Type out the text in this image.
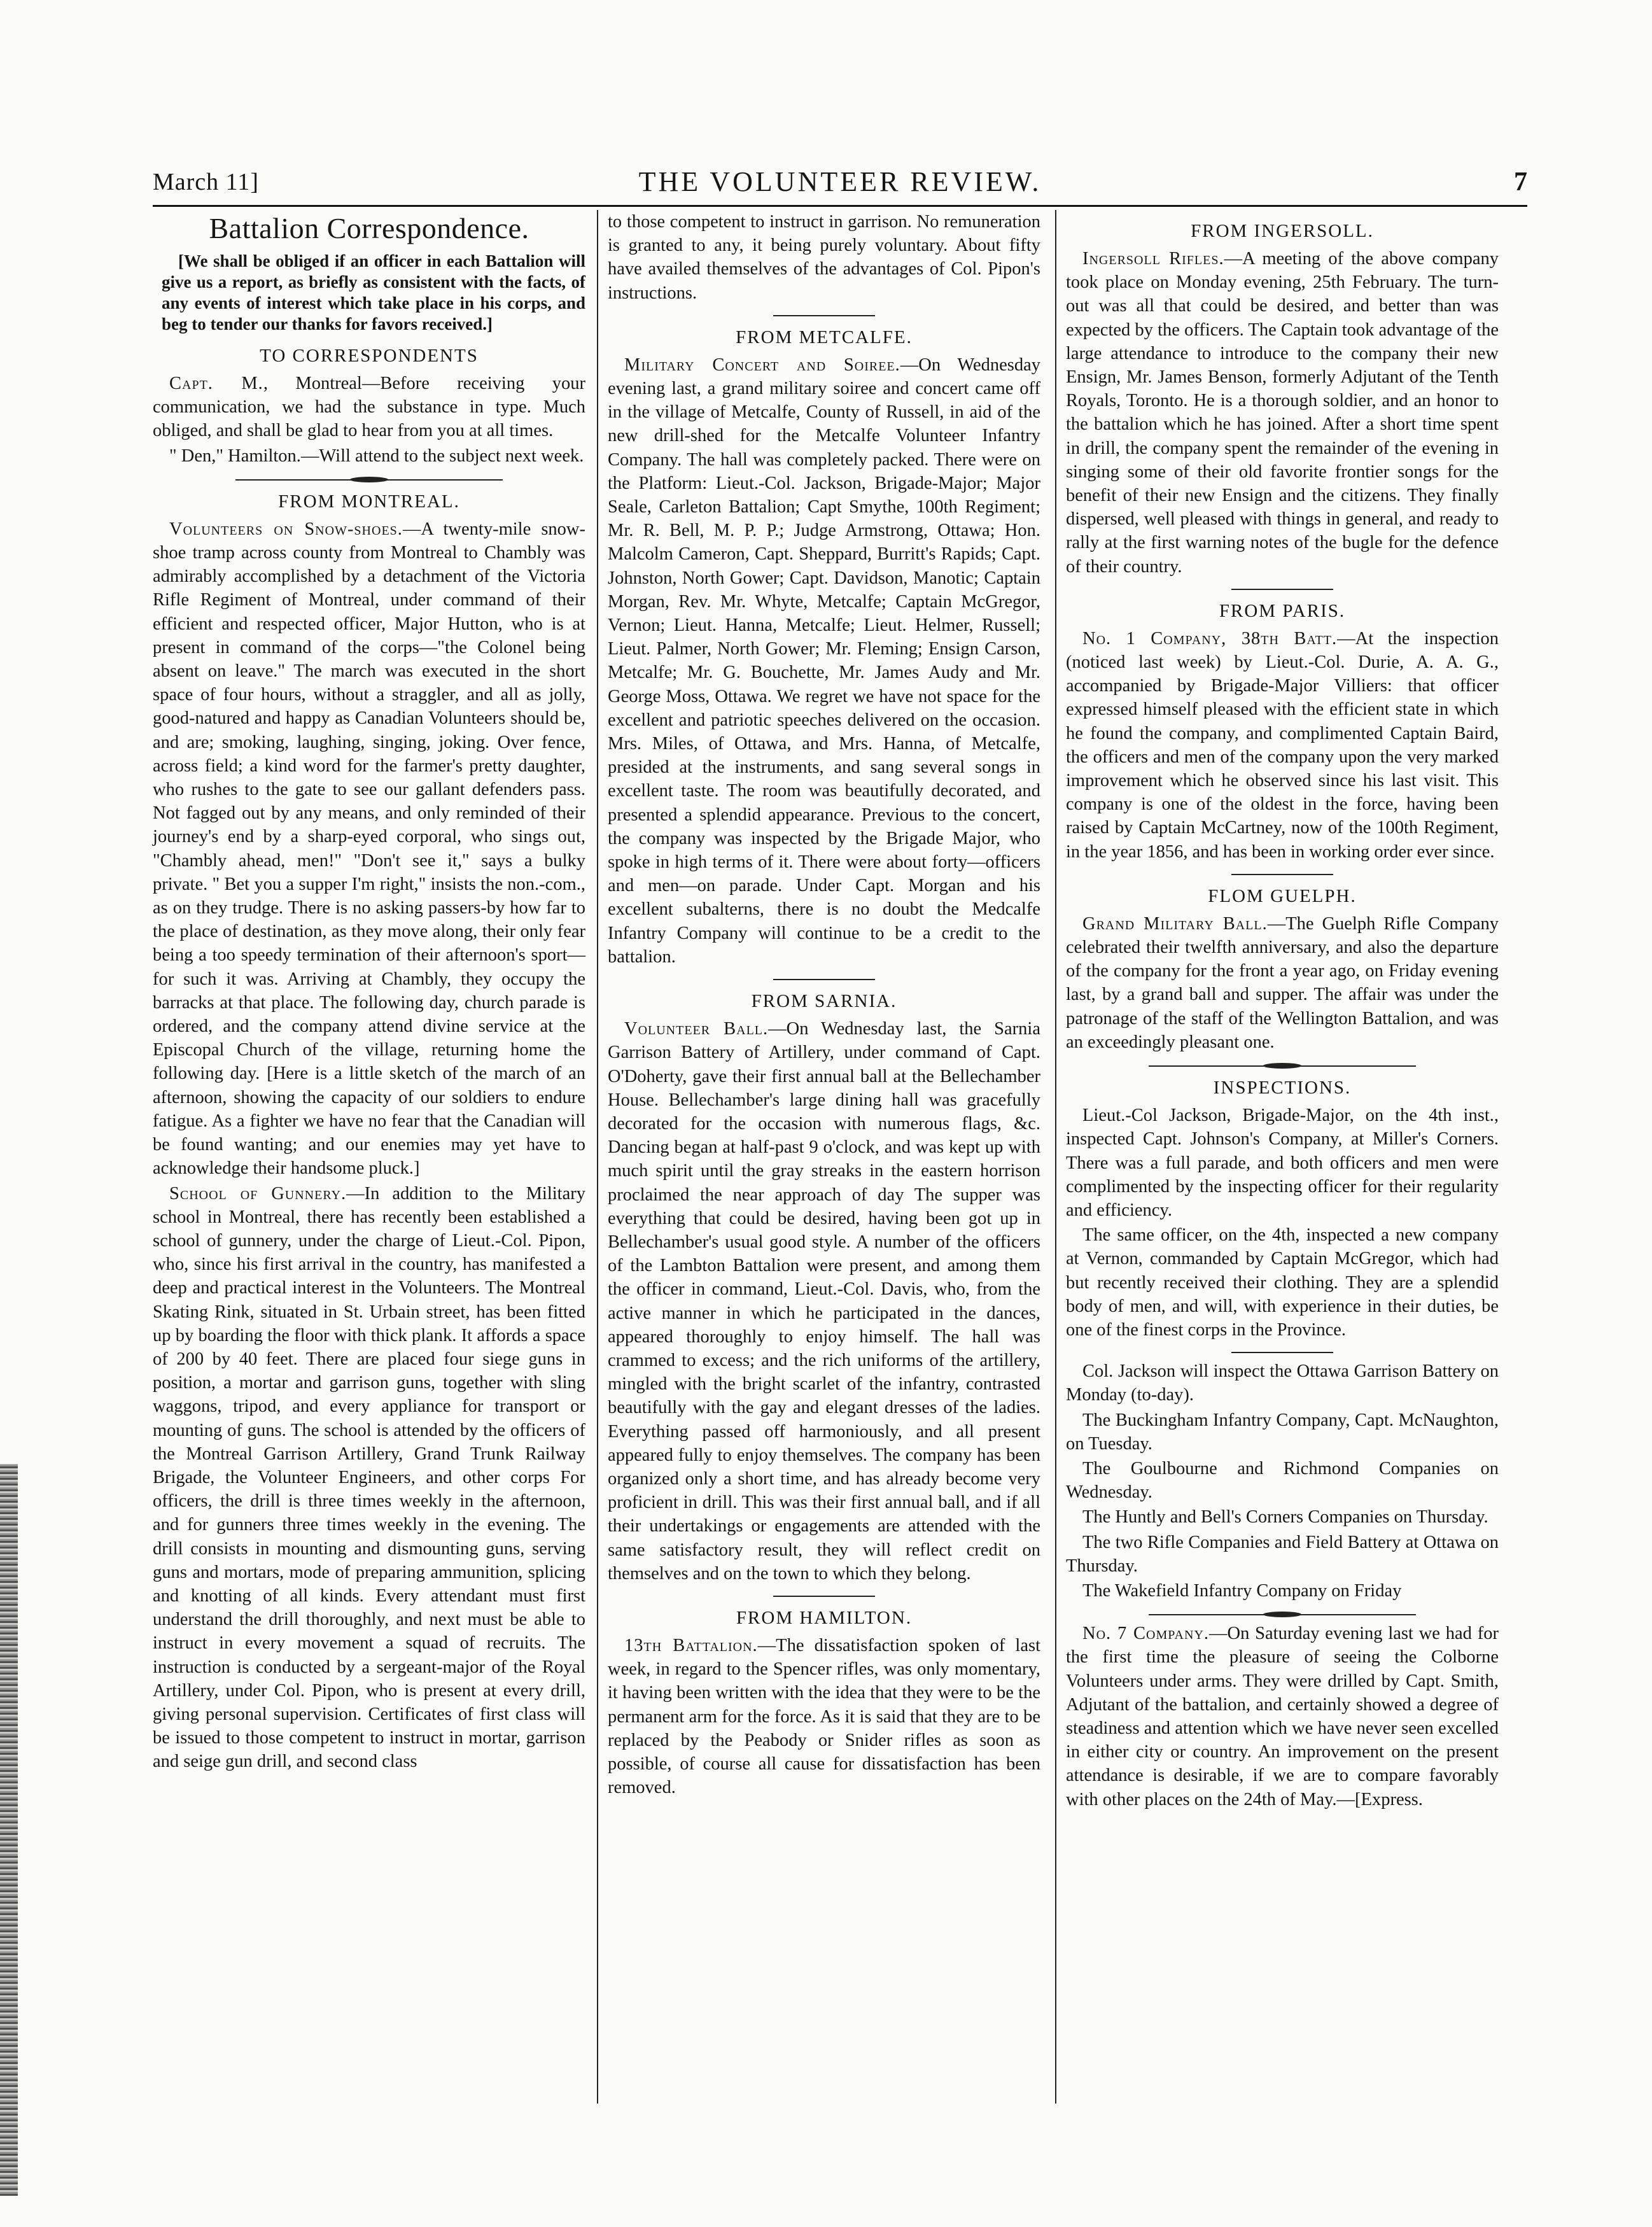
March 11]	THE VOLUNTEER REVIEW.	7
Battalion Correspondence.

[We shall be obliged if an officer in each Battalion will give us a report, as briefly as consistent with the facts, of any events of interest which take place in his corps, and beg to tender our thanks for favors received.]

TO CORRESPONDENTS

Capt. M., Montreal—Before receiving your communication, we had the substance in type. Much obliged, and shall be glad to hear from you at all times.

" Den," Hamilton.—Will attend to the subject next week.

FROM MONTREAL.

Volunteers on Snow-shoes.—A twenty-mile snow-shoe tramp across county from Montreal to Chambly was admirably accomplished by a detachment of the Victoria Rifle Regiment of Montreal, under command of their efficient and respected officer, Major Hutton, who is at present in command of the corps—"the Colonel being absent on leave." The march was executed in the short space of four hours, without a straggler, and all as jolly, good-natured and happy as Canadian Volunteers should be, and are; smoking, laughing, singing, joking. Over fence, across field; a kind word for the farmer's pretty daughter, who rushes to the gate to see our gallant defenders pass. Not fagged out by any means, and only reminded of their journey's end by a sharp-eyed corporal, who sings out, "Chambly ahead, men!" "Don't see it," says a bulky private. " Bet you a supper I'm right," insists the non.-com., as on they trudge. There is no asking passers-by how far to the place of destination, as they move along, their only fear being a too speedy termination of their afternoon's sport—for such it was. Arriving at Chambly, they occupy the barracks at that place. The following day, church parade is ordered, and the company attend divine service at the Episcopal Church of the village, returning home the following day. [Here is a little sketch of the march of an afternoon, showing the capacity of our soldiers to endure fatigue. As a fighter we have no fear that the Canadian will be found wanting; and our enemies may yet have to acknowledge their handsome pluck.]

School of Gunnery.—In addition to the Military school in Montreal, there has recently been established a school of gunnery, under the charge of Lieut.-Col. Pipon, who, since his first arrival in the country, has manifested a deep and practical interest in the Volunteers. The Montreal Skating Rink, situated in St. Urbain street, has been fitted up by boarding the floor with thick plank. It affords a space of 200 by 40 feet. There are placed four siege guns in position, a mortar and garrison guns, together with sling waggons, tripod, and every appliance for transport or mounting of guns. The school is attended by the officers of the Montreal Garrison Artillery, Grand Trunk Railway Brigade, the Volunteer Engineers, and other corps For officers, the drill is three times weekly in the afternoon, and for gunners three times weekly in the evening. The drill consists in mounting and dismounting guns, serving guns and mortars, mode of preparing ammunition, splicing and knotting of all kinds. Every attendant must first understand the drill thoroughly, and next must be able to instruct in every movement a squad of recruits. The instruction is conducted by a sergeant-major of the Royal Artillery, under Col. Pipon, who is present at every drill, giving personal supervision. Certificates of first class will be issued to those competent to instruct in mortar, garrison and seige gun drill, and second class

to those competent to instruct in garrison. No remuneration is granted to any, it being purely voluntary. About fifty have availed themselves of the advantages of Col. Pipon's instructions.

FROM METCALFE.

Military Concert and Soiree.—On Wednesday evening last, a grand military soiree and concert came off in the village of Metcalfe, County of Russell, in aid of the new drill-shed for the Metcalfe Volunteer Infantry Company. The hall was completely packed. There were on the Platform: Lieut.-Col. Jackson, Brigade-Major; Major Seale, Carleton Battalion; Capt Smythe, 100th Regiment; Mr. R. Bell, M. P. P.; Judge Armstrong, Ottawa; Hon. Malcolm Cameron, Capt. Sheppard, Burritt's Rapids; Capt. Johnston, North Gower; Capt. Davidson, Manotic; Captain Morgan, Rev. Mr. Whyte, Metcalfe; Captain McGregor, Vernon; Lieut. Hanna, Metcalfe; Lieut. Helmer, Russell; Lieut. Palmer, North Gower; Mr. Fleming; Ensign Carson, Metcalfe; Mr. G. Bouchette, Mr. James Audy and Mr. George Moss, Ottawa. We regret we have not space for the excellent and patriotic speeches delivered on the occasion. Mrs. Miles, of Ottawa, and Mrs. Hanna, of Metcalfe, presided at the instruments, and sang several songs in excellent taste. The room was beautifully decorated, and presented a splendid appearance. Previous to the concert, the company was inspected by the Brigade Major, who spoke in high terms of it. There were about forty—officers and men—on parade. Under Capt. Morgan and his excellent subalterns, there is no doubt the Medcalfe Infantry Company will continue to be a credit to the battalion.

FROM SARNIA.

Volunteer Ball.—On Wednesday last, the Sarnia Garrison Battery of Artillery, under command of Capt. O'Doherty, gave their first annual ball at the Bellechamber House. Bellechamber's large dining hall was gracefully decorated for the occasion with numerous flags, &c. Dancing began at half-past 9 o'clock, and was kept up with much spirit until the gray streaks in the eastern horrison proclaimed the near approach of day The supper was everything that could be desired, having been got up in Bellechamber's usual good style. A number of the officers of the Lambton Battalion were present, and among them the officer in command, Lieut.-Col. Davis, who, from the active manner in which he participated in the dances, appeared thoroughly to enjoy himself. The hall was crammed to excess; and the rich uniforms of the artillery, mingled with the bright scarlet of the infantry, contrasted beautifully with the gay and elegant dresses of the ladies. Everything passed off harmoniously, and all present appeared fully to enjoy themselves. The company has been organized only a short time, and has already become very proficient in drill. This was their first annual ball, and if all their undertakings or engagements are attended with the same satisfactory result, they will reflect credit on themselves and on the town to which they belong.

FROM HAMILTON.

13th Battalion.—The dissatisfaction spoken of last week, in regard to the Spencer rifles, was only momentary, it having been written with the idea that they were to be the permanent arm for the force. As it is said that they are to be replaced by the Peabody or Snider rifles as soon as possible, of course all cause for dissatisfaction has been removed.

FROM INGERSOLL.

Ingersoll Rifles.—A meeting of the above company took place on Monday evening, 25th February. The turn-out was all that could be desired, and better than was expected by the officers. The Captain took advantage of the large attendance to introduce to the company their new Ensign, Mr. James Benson, formerly Adjutant of the Tenth Royals, Toronto. He is a thorough soldier, and an honor to the battalion which he has joined. After a short time spent in drill, the company spent the remainder of the evening in singing some of their old favorite frontier songs for the benefit of their new Ensign and the citizens. They finally dispersed, well pleased with things in general, and ready to rally at the first warning notes of the bugle for the defence of their country.

FROM PARIS.

No. 1 Company, 38th Batt.—At the inspection (noticed last week) by Lieut.-Col. Durie, A. A. G., accompanied by Brigade-Major Villiers: that officer expressed himself pleased with the efficient state in which he found the company, and complimented Captain Baird, the officers and men of the company upon the very marked improvement which he observed since his last visit. This company is one of the oldest in the force, having been raised by Captain McCartney, now of the 100th Regiment, in the year 1856, and has been in working order ever since.

FLOM GUELPH.

Grand Military Ball.—The Guelph Rifle Company celebrated their twelfth anniversary, and also the departure of the company for the front a year ago, on Friday evening last, by a grand ball and supper. The affair was under the patronage of the staff of the Wellington Battalion, and was an exceedingly pleasant one.

INSPECTIONS.

Lieut.-Col Jackson, Brigade-Major, on the 4th inst., inspected Capt. Johnson's Company, at Miller's Corners. There was a full parade, and both officers and men were complimented by the inspecting officer for their regularity and efficiency.

The same officer, on the 4th, inspected a new company at Vernon, commanded by Captain McGregor, which had but recently received their clothing. They are a splendid body of men, and will, with experience in their duties, be one of the finest corps in the Province.

Col. Jackson will inspect the Ottawa Garrison Battery on Monday (to-day).

The Buckingham Infantry Company, Capt. McNaughton, on Tuesday.

The Goulbourne and Richmond Companies on Wednesday.

The Huntly and Bell's Corners Companies on Thursday.

The two Rifle Companies and Field Battery at Ottawa on Thursday.

The Wakefield Infantry Company on Friday

No. 7 Company.—On Saturday evening last we had for the first time the pleasure of seeing the Colborne Volunteers under arms. They were drilled by Capt. Smith, Adjutant of the battalion, and certainly showed a degree of steadiness and attention which we have never seen excelled in either city or country. An improvement on the present attendance is desirable, if we are to compare favorably with other places on the 24th of May.—[Express.
